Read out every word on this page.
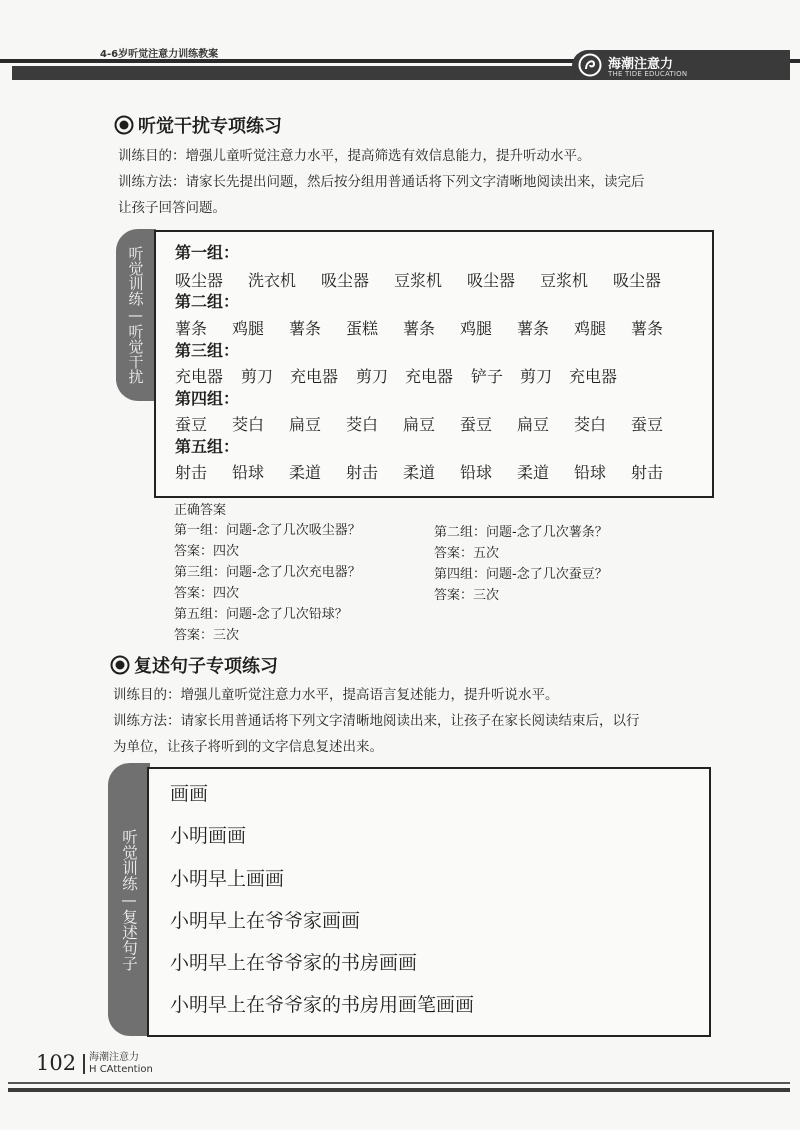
4-6岁听觉注意力训练教案
海潮注意力
THE TIDE EDUCATION
听觉干扰专项练习
训练目的：增强儿童听觉注意力水平，提高筛选有效信息能力，提升听动水平。
训练方法：请家长先提出问题，然后按分组用普通话将下列文字清晰地阅读出来，读完后
让孩子回答问题。
听觉训练—听觉干扰	第一组：
吸尘器 洗衣机 吸尘器 豆浆机 吸尘器 豆浆机 吸尘器
第二组：
薯条 鸡腿 薯条 蛋糕 薯条 鸡腿 薯条 鸡腿 薯条
第三组：
充电器 剪刀 充电器 剪刀 充电器 铲子 剪刀 充电器
第四组：
蚕豆 茭白 扁豆 茭白 扁豆 蚕豆 扁豆 茭白 蚕豆
第五组：
射击 铅球 柔道 射击 柔道 铅球 柔道 铅球 射击
正确答案
第一组：问题-念了几次吸尘器？
答案：四次
第三组：问题-念了几次充电器？
答案：四次
第五组：问题-念了几次铅球？
答案：三次
第二组：问题-念了几次薯条？
答案：五次
第四组：问题-念了几次蚕豆？
答案：三次
复述句子专项练习
训练目的：增强儿童听觉注意力水平，提高语言复述能力，提升听说水平。
训练方法：请家长用普通话将下列文字清晰地阅读出来，让孩子在家长阅读结束后，以行
为单位，让孩子将听到的文字信息复述出来。
听觉训练—复述句子
画画
小明画画
小明早上画画
小明早上在爷爷家画画
小明早上在爷爷家的书房画画
小明早上在爷爷家的书房用画笔画画
102 海潮注意力
H CAttention
